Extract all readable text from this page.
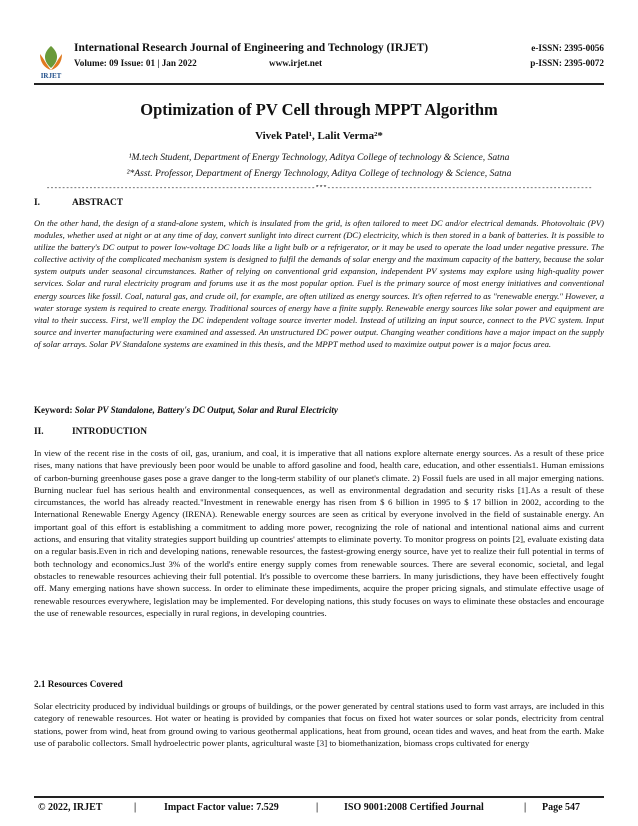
IRJET
International Research Journal of Engineering and Technology (IRJET)	e-ISSN: 2395-0056
Volume: 09 Issue: 01 | Jan 2022	www.irjet.net	p-ISSN: 2395-0072
Optimization of PV Cell through MPPT Algorithm
Vivek Patel¹, Lalit Verma²*
¹M.tech Student, Department of Energy Technology, Aditya College of technology & Science, Satna
²*Asst. Professor, Department of Energy Technology, Aditya College of technology & Science, Satna
---------------------------------------------------------------------***--------------------------------------------------------------------
I.	ABSTRACT

On the other hand, the design of a stand-alone system, which is insulated from the grid, is often tailored to meet DC and/or electrical demands. Photovoltaic (PV) modules, whether used at night or at any time of day, convert sunlight into direct current (DC) electricity, which is then stored in a bank of batteries. It is possible to utilize the battery's DC output to power low-voltage DC loads like a light bulb or a refrigerator, or it may be used to operate the load under negative pressure. The collective activity of the complicated mechanism system is designed to fulfil the demands of solar energy and the maximum capacity of the battery, because the solar system outputs under seasonal circumstances. Rather of relying on conventional grid expansion, independent PV systems may explore using high-quality power services. Solar and rural electricity program and forums use it as the most popular option. Fuel is the primary source of most energy initiatives and conventional energy sources like fossil. Coal, natural gas, and crude oil, for example, are often utilized as energy sources. It's often referred to as "renewable energy." However, a water storage system is required to create energy. Traditional sources of energy have a finite supply. Renewable energy sources like solar power and equipment are vital to their success. First, we'll employ the DC independent voltage source inverter model. Instead of utilizing an input source, connect to the PVC system. Input source and inverter manufacturing were examined and assessed. An unstructured DC power output. Changing weather conditions have a major impact on the supply of solar arrays. Solar PV Standalone systems are examined in this thesis, and the MPPT method used to maximize output power is a major focus area.

Keyword: Solar PV Standalone, Battery's DC Output, Solar and Rural Electricity

II.	INTRODUCTION

In view of the recent rise in the costs of oil, gas, uranium, and coal, it is imperative that all nations explore alternate energy sources. As a result of these price rises, many nations that have previously been poor would be unable to afford gasoline and food, health care, education, and other essentials1. Human emissions of carbon-burning greenhouse gases pose a grave danger to the long-term stability of our planet's climate. 2) Fossil fuels are used in all major emerging nations. Burning nuclear fuel has serious health and environmental consequences, as well as environmental degradation and security risks [1].As a result of these circumstances, the world has already reacted."Investment in renewable energy has risen from $ 6 billion in 1995 to $ 17 billion in 2002, according to the International Renewable Energy Agency (IRENA). Renewable energy sources are seen as critical by everyone involved in the field of sustainable energy. An important goal of this effort is establishing a commitment to adding more power, recognizing the role of national and intentional national aims and current actions, and ensuring that vitality strategies support building up countries' attempts to eliminate poverty. To monitor progress on points [2], evaluate existing data on a regular basis.Even in rich and developing nations, renewable resources, the fastest-growing energy source, have yet to realize their full potential in terms of both technology and economics.Just 3% of the world's entire energy supply comes from renewable sources. There are several economic, societal, and legal obstacles to renewable resources achieving their full potential. It's possible to overcome these barriers. In many jurisdictions, they have been effectively fought off. Many emerging nations have shown success. In order to eliminate these impediments, acquire the proper pricing signals, and stimulate effective usage of renewable resources everywhere, legislation may be implemented. For developing nations, this study focuses on ways to eliminate these obstacles and encourage the use of renewable resources, especially in rural regions, in developing countries.

2.1 Resources Covered

Solar electricity produced by individual buildings or groups of buildings, or the power generated by central stations used to form vast arrays, are included in this category of renewable resources. Hot water or heating is provided by companies that focus on fixed hot water sources or solar ponds, electricity from central stations, power from wind, heat from ground owing to various geothermal applications, heat from ground, ocean tides and waves, and heat from the earth. Make use of parabolic collectors. Small hydroelectric power plants, agricultural waste [3] to biomethanization, biomass crops cultivated for energy

© 2022, IRJET	|	Impact Factor value: 7.529	|	ISO 9001:2008 Certified Journal	| Page 547
